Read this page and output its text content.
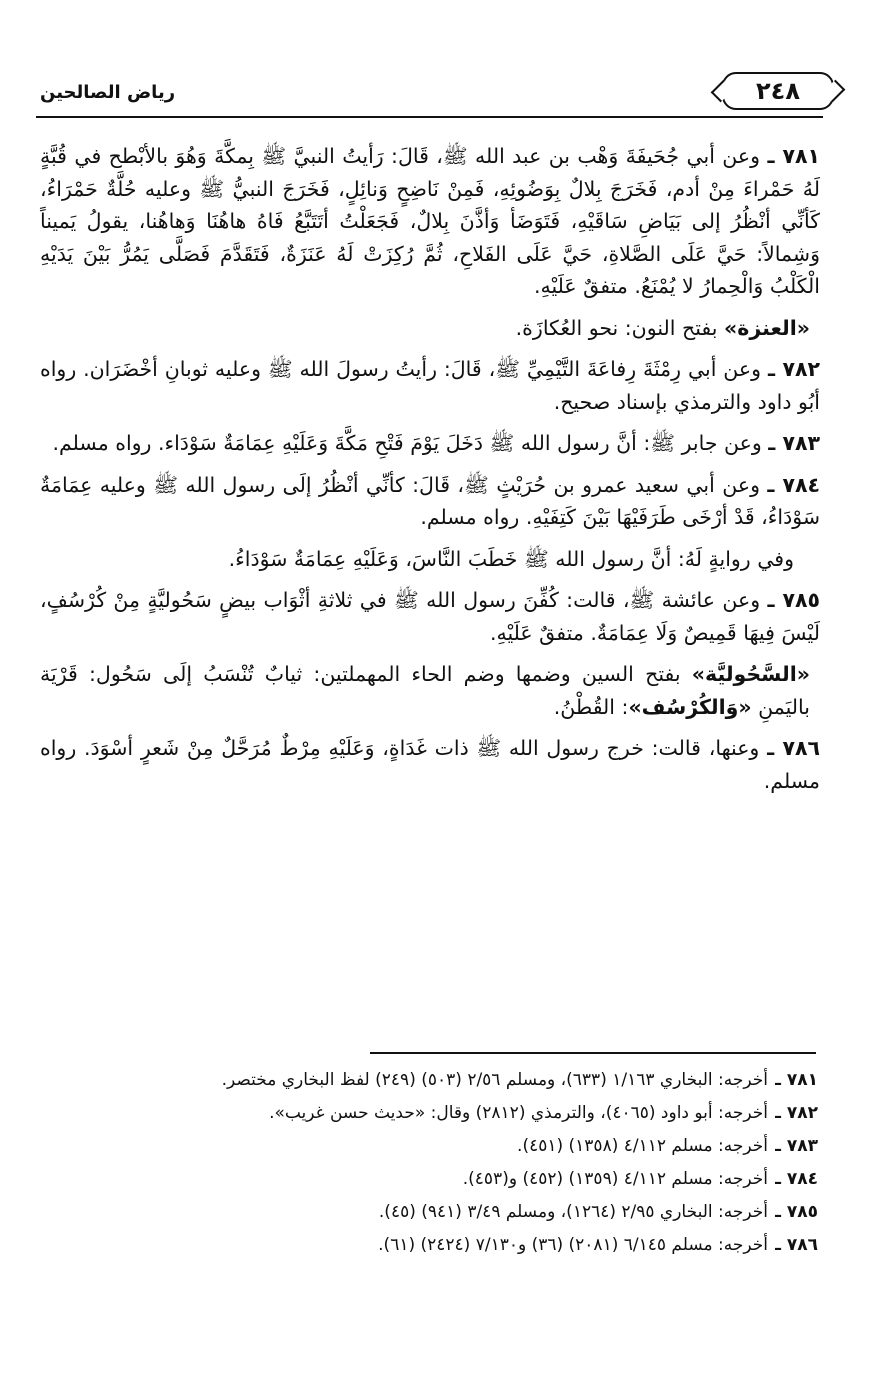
رياض الصالحين	٢٤٨

٧٨١ ـ وعن أبي جُحَيفَةَ وَهْب بن عبد الله ﷺ، قَالَ: رَأيتُ النبيَّ ﷺ بِمكَّةَ وَهُوَ بالأبْطح في قُبَّةٍ لَهُ حَمْراءَ مِنْ أدم، فَخَرَجَ بِلالٌ بِوَضُوئِهِ، فَمِنْ نَاضِحٍ وَنائِلٍ، فَخَرَجَ النبيُّ ﷺ وعليه حُلَّةٌ حَمْرَاءُ، كَأنِّي أنْظُرُ إلى بَيَاضِ سَاقَيْهِ، فَتَوَضَأ وَأذَّنَ بِلالٌ، فَجَعَلْتُ أتَتَبَّعُ فَاهُ هاهُنَا وَهاهُنا، يقولُ يَميناً وَشِمالاً: حَيَّ عَلَى الصَّلاةِ، حَيَّ عَلَى الفَلاحِ، ثُمَّ رُكِزَتْ لَهُ عَنَزَةٌ، فَتَقَدَّمَ فَصَلَّى يَمُرُّ بَيْنَ يَدَيْهِ الْكَلْبُ وَالْحِمارُ لا يُمْنَعُ. متفقٌ عَلَيْهِ.

«العنزة» بفتح النون: نحو العُكازَة.

٧٨٢ ـ وعن أبي رِمْثَةَ رِفاعَةَ التَّيْمِيِّ ﷺ، قَالَ: رأيتُ رسولَ الله ﷺ وعليه ثوبانِ أخْضَرَان. رواه أبُو داود والترمذي بإسناد صحيح.

٧٨٣ ـ وعن جابر ﷺ: أنَّ رسول الله ﷺ دَخَلَ يَوْمَ فَتْحِ مَكَّةَ وَعَلَيْهِ عِمَامَةٌ سَوْدَاء. رواه مسلم.

٧٨٤ ـ وعن أبي سعيد عمرو بن حُرَيْثٍ ﷺ، قَالَ: كأنِّي أنْظُرُ إلَى رسول الله ﷺ وعليه عِمَامَةٌ سَوْدَاءُ، قَدْ أرْخَى طَرَفَيْهَا بَيْنَ كَتِفَيْهِ. رواه مسلم.

وفي روايةٍ لَهُ: أنَّ رسول الله ﷺ خَطَبَ النَّاسَ، وَعَلَيْهِ عِمَامَةٌ سَوْدَاءُ.

٧٨٥ ـ وعن عائشة ﷺ، قالت: كُفِّنَ رسول الله ﷺ في ثلاثةِ أثْوَاب بيضٍ سَحُوليَّةٍ مِنْ كُرْسُفٍ، لَيْسَ فِيهَا قَمِيصٌ وَلَا عِمَامَةٌ. متفقٌ عَلَيْهِ.

«السَّحُوليَّة» بفتح السين وضمها وضم الحاء المهملتين: ثيابٌ تُنْسَبُ إلَى سَحُول: قَرْيَة باليَمنِ «وَالكُرْسُف»: القُطْنُ.

٧٨٦ ـ وعنها، قالت: خرج رسول الله ﷺ ذات غَدَاةٍ، وَعَلَيْهِ مِرْطٌ مُرَحَّلٌ مِنْ شَعرٍ أسْوَدَ. رواه مسلم.

٧٨١ ـ
أخرجه: البخاري ١/١٦٣ (٦٣٣)، ومسلم ٢/٥٦ (٥٠٣) (٢٤٩) لفظ البخاري مختصر.

٧٨٢ ـ
أخرجه: أبو داود (٤٠٦٥)، والترمذي (٢٨١٢) وقال: «حديث حسن غريب».

٧٨٣ ـ
أخرجه: مسلم ٤/١١٢ (١٣٥٨) (٤٥١).

٧٨٤ ـ
أخرجه: مسلم ٤/١١٢ (١٣٥٩) (٤٥٢) و(٤٥٣).

٧٨٥ ـ
أخرجه: البخاري ٢/٩٥ (١٢٦٤)، ومسلم ٣/٤٩ (٩٤١) (٤٥).

٧٨٦ ـ
أخرجه: مسلم ٦/١٤٥ (٢٠٨١) (٣٦) و٧/١٣٠ (٢٤٢٤) (٦١).
